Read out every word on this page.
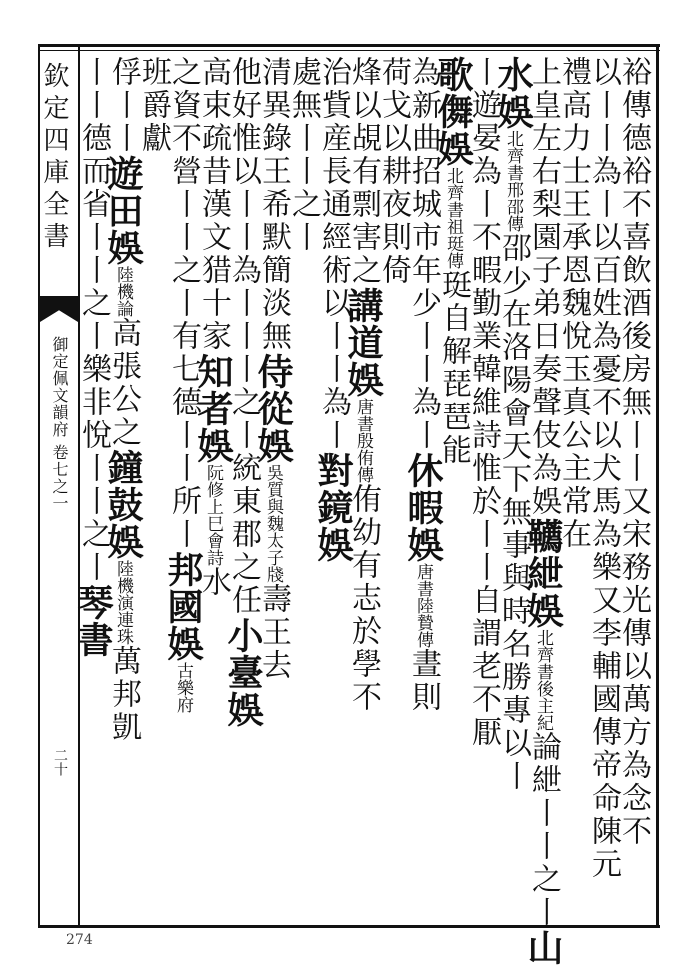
欽定四庫全書
御定佩文韻府 卷七之一
二十
274
裕傳德裕不喜飲酒後房無丨丨又宋務光傳以萬方為念不
以丨丨為丨以百姓為憂不以犬馬為樂又李輔國傳帝命陳元
禮高力士王承恩魏悅玉真公主常在
上皇左右梨園子弟日奏聲伎為娛韉紲娛北齊書後主紀論紲丨丨之丨山
水娛北齊書邢邵傳邵少在洛陽會天下無事與時名勝專以丨
丨遊晏為丨不暇勤業韓維詩惟於丨丨自謂老不厭
歌儛娛北齊書祖珽傳珽自解琵琶能
為新曲招城市年少丨丨為丨休暇娛唐書陸贄傳晝則
荷戈以耕夜則倚
烽以覘有剽害之講道娛唐書殷侑傳侑幼有志於學不
治貲産長通經術以丨丨為丨對鏡娛
處無丨丨之丨
清異錄王希默簡淡無侍從娛吳質與魏太子牋壽王去
他好惟以丨丨為丨丨丨之丨統東郡之任小臺娛
高束疏昔漢文猎十家知者娛阮修上巳會詩水
之資不營丨丨之丨有七德丨丨所丨邦國娛古樂府
班爵獻
俘丨丨遊田娛陸機論高張公之鐘鼓娛陸機演連珠萬邦凱
丨丨德而省丨丨之丨樂非悅丨丨之丨琴書
